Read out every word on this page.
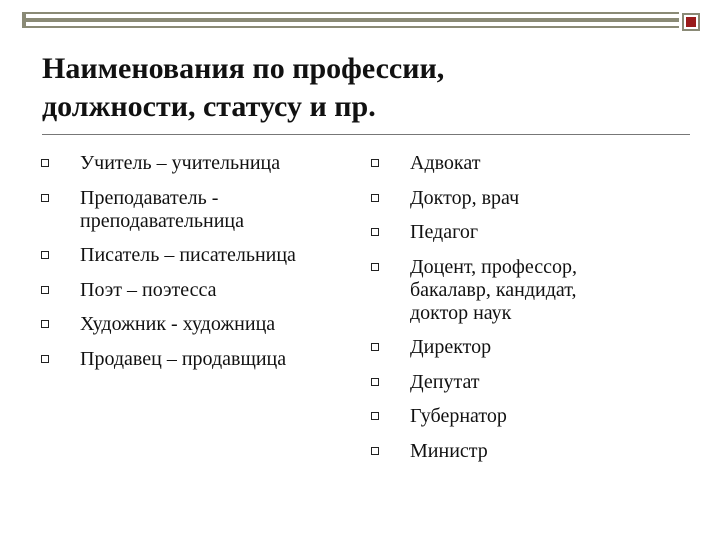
Наименования по профессии,
должности, статусу и пр.
Учитель – учительница
Преподаватель - преподавательница
Писатель – писательница
Поэт – поэтесса
Художник - художница
Продавец – продавщица
Адвокат
Доктор, врач
Педагог
Доцент, профессор, бакалавр, кандидат, доктор наук
Директор
Депутат
Губернатор
Министр
